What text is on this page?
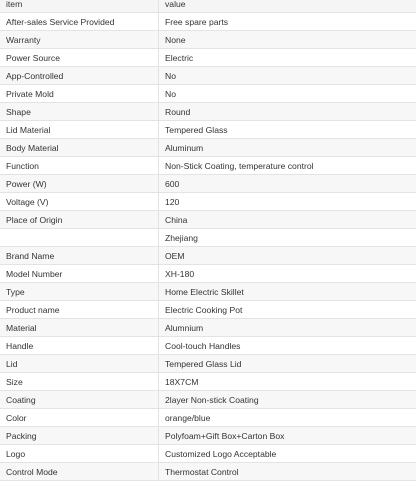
item	value
After-sales Service Provided	Free spare parts
Warranty	None
Power Source	Electric
App-Controlled	No
Private Mold	No
Shape	Round
Lid Material	Tempered Glass
Body Material	Aluminum
Function	Non-Stick Coating, temperature control
Power (W)	600
Voltage (V)	120
Place of Origin	China
	Zhejiang
Brand Name	OEM
Model Number	XH-180
Type	Home Electric Skillet
Product name	Electric Cooking Pot
Material	Alumnium
Handle	Cool-touch Handles
Lid	Tempered Glass Lid
Size	18X7CM
Coating	2layer Non-stick Coating
Color	orange/blue
Packing	Polyfoam+Gift Box+Carton Box
Logo	Customized Logo Acceptable
Control Mode	Thermostat Control
